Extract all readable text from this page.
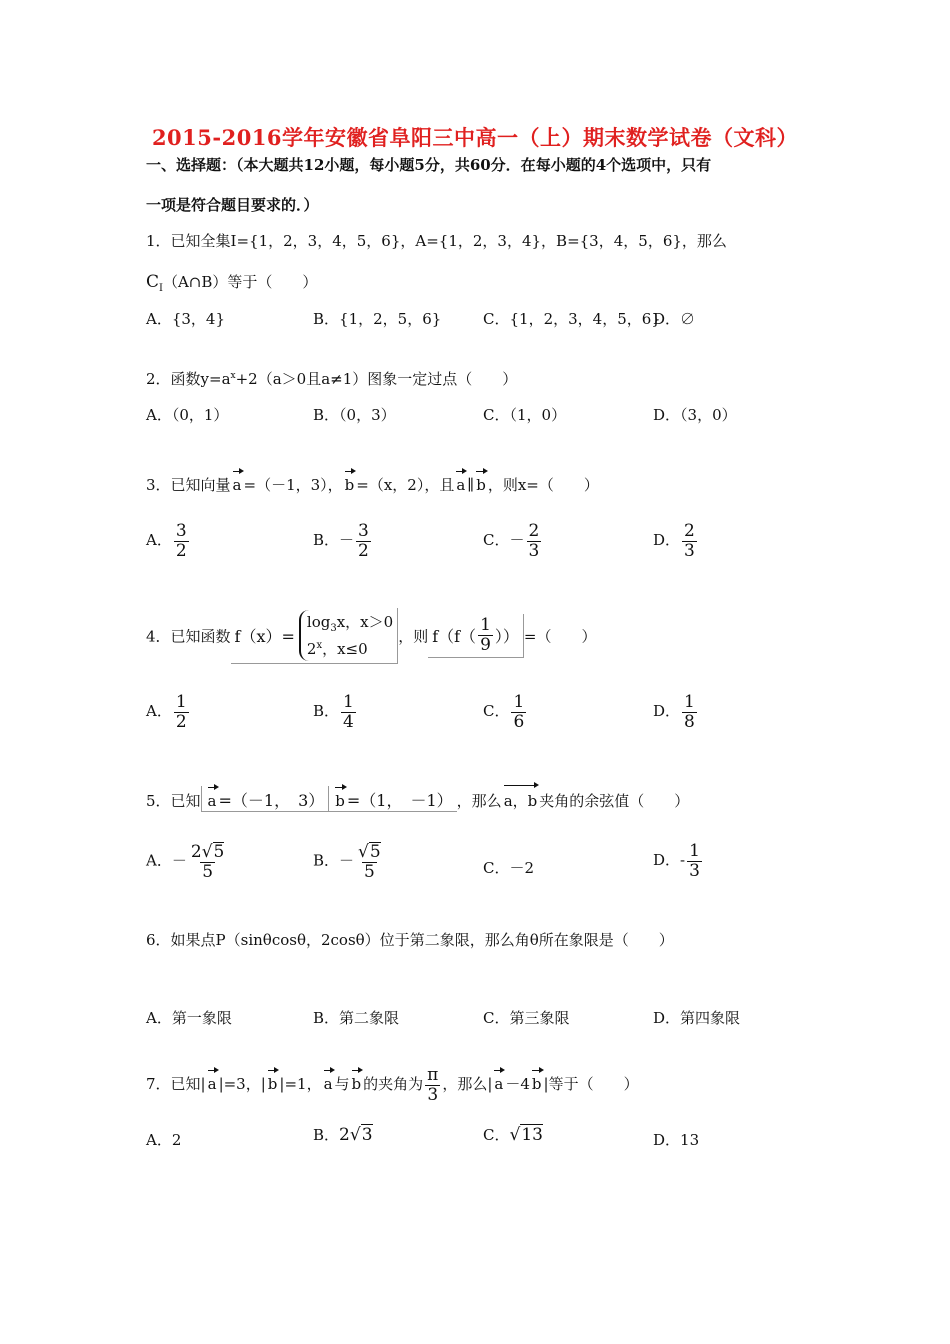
2015-2016学年安徽省阜阳三中高一（上）期末数学试卷（文科）
一、选择题：（本大题共12小题，每小题5分，共60分．在每小题的4个选项中，只有
一项是符合题目要求的．）
1．已知全集I={1，2，3，4，5，6}，A={1，2，3，4}，B={3，4，5，6}，那么
$C_I(A\cap B)$等于（　　）
A．{3，4}	B．{1，2，5，6}	C．{1，2，3，4，5，6}
D．∅
2．函数$y=a^x+2(a>0$且a≠1）图象一定过点（　　）
A．（0，1）	B．（0，3）	C．（1，0）	D．（3，0）
3．已知向量 a =（－1，3）， b =（x，2），且 a ∥ b ，则x=（　　）
A． $\frac{3}{2}$	B．－ $\frac{3}{2}$	C．－ $\frac{2}{3}$	D． $\frac{2}{3}$
4．已知函数 f（x）=
$\log_3x$，x＞0
2$^x$，x≤0
，则 $f(f( \frac{1}{9}$ ）） =（　　）
A． $\frac{1}{2}$	B． $\frac{1}{4}$	C． $\frac{1}{6}$	D． $\frac{1}{8}$
5．已知 a =（－1，　3） b =（1，　－1） ，那么 a，b 夹角的余弦值（　　）
A．－ $\frac{2√5}{5}$	B．－ $\frac{√5}{5}$	C．－2	D．- $\frac{1}{3}$
6．如果点P（sinθcosθ，2cosθ）位于第二象限，那么角θ所在象限是（　　）
A．第一象限	B．第二象限	C．第三象限	D．第四象限
7．已知| a |=3，| b |=1， a 与 b 的夹角为 $\frac{\pi}{3}$ ，那么| a －4 b |等于（　　）
A．2	B．2√3	C．√13	D．13
